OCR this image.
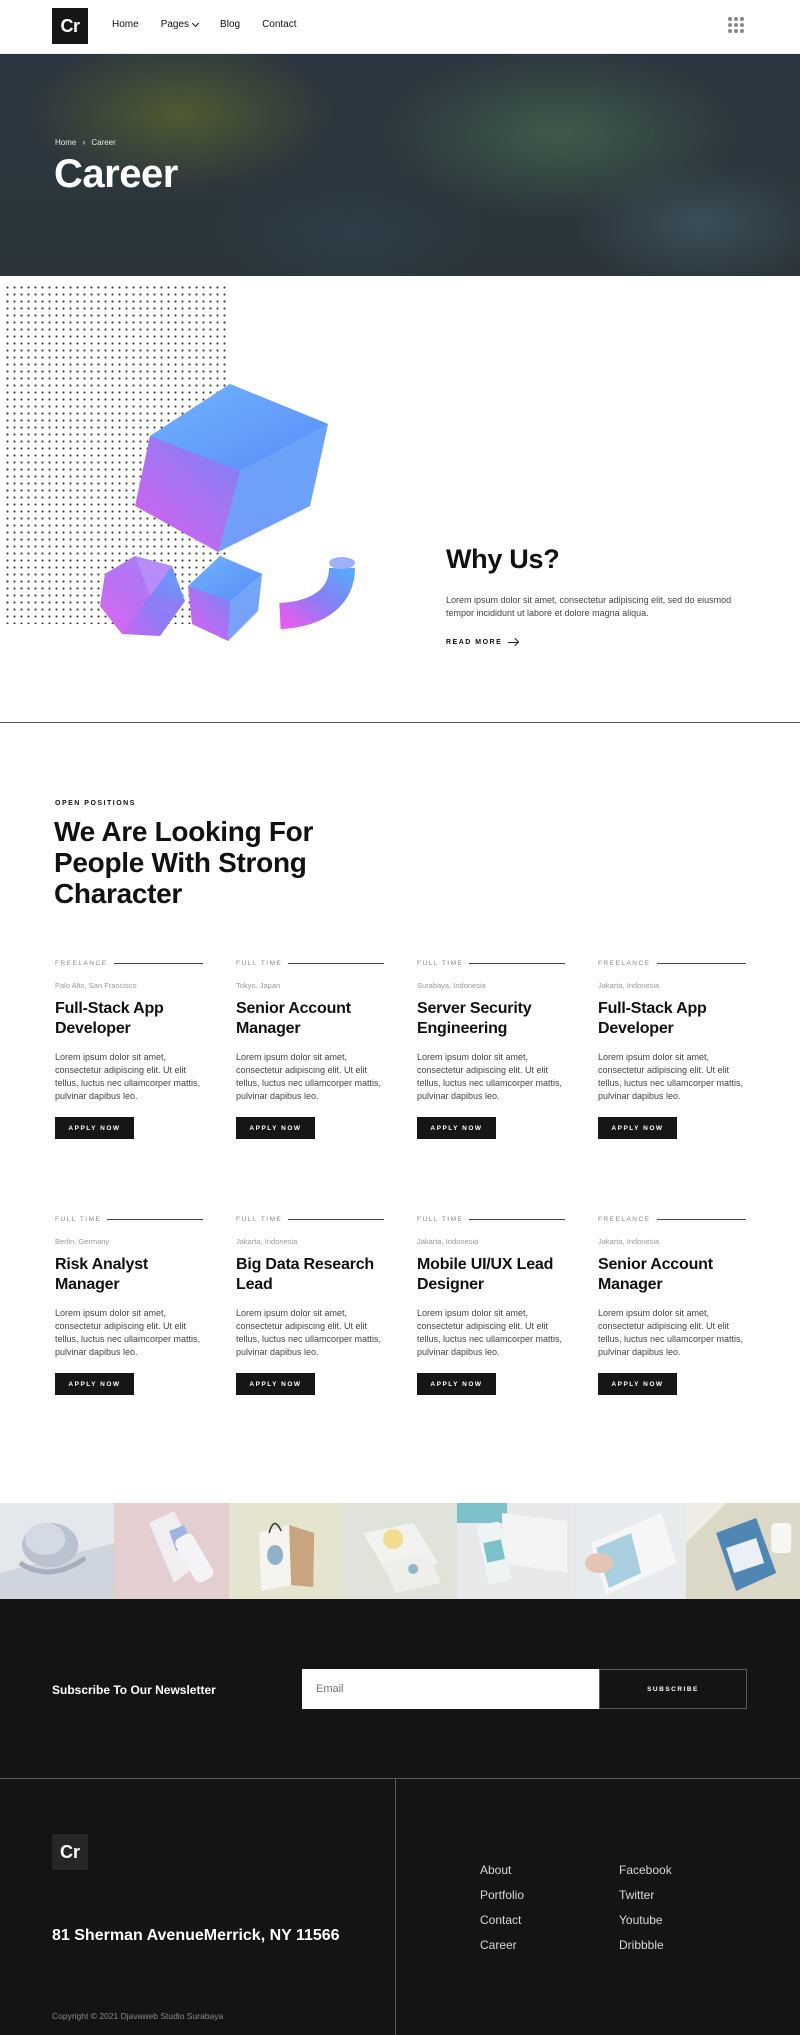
Cr	Home Pages	Blog Contact
Home › Career
Career
Why Us?

Lorem ipsum dolor sit amet, consectetur adipiscing elit, sed do eiusmod tempor incididunt ut labore et dolore magna aliqua.

READ MORE
OPEN POSITIONS
We Are Looking For People With Strong Character
FREELANCE
Palo Alto, San Francisco
Full-Stack App Developer

Lorem ipsum dolor sit amet, consectetur adipiscing elit. Ut elit tellus, luctus nec ullamcorper mattis, pulvinar dapibus leo.

APPLY NOW
FULL TIME
Tokyo, Japan
Senior Account Manager

Lorem ipsum dolor sit amet, consectetur adipiscing elit. Ut elit tellus, luctus nec ullamcorper mattis, pulvinar dapibus leo.

APPLY NOW
FULL TIME
Surabaya, Indonesia
Server Security Engineering

Lorem ipsum dolor sit amet, consectetur adipiscing elit. Ut elit tellus, luctus nec ullamcorper mattis, pulvinar dapibus leo.

APPLY NOW
FREELANCE
Jakarta, Indonesia
Full-Stack App Developer

Lorem ipsum dolor sit amet, consectetur adipiscing elit. Ut elit tellus, luctus nec ullamcorper mattis, pulvinar dapibus leo.

APPLY NOW
FULL TIME
Berlin, Germany
Risk Analyst Manager

Lorem ipsum dolor sit amet, consectetur adipiscing elit. Ut elit tellus, luctus nec ullamcorper mattis, pulvinar dapibus leo.

APPLY NOW
FULL TIME
Jakarta, Indonesia
Big Data Research Lead

Lorem ipsum dolor sit amet, consectetur adipiscing elit. Ut elit tellus, luctus nec ullamcorper mattis, pulvinar dapibus leo.

APPLY NOW
FULL TIME
Jakarta, Indonesia
Mobile UI/UX Lead Designer

Lorem ipsum dolor sit amet, consectetur adipiscing elit. Ut elit tellus, luctus nec ullamcorper mattis, pulvinar dapibus leo.

APPLY NOW
FREELANCE
Jakarta, Indonesia
Senior Account Manager

Lorem ipsum dolor sit amet, consectetur adipiscing elit. Ut elit tellus, luctus nec ullamcorper mattis, pulvinar dapibus leo.

APPLY NOW
Subscribe To Our Newsletter
Email	SUBSCRIBE
Cr
81 Sherman AvenueMerrick, NY 11566
Copyright © 2021 Djavaweb Studio Surabaya
About
Portfolio
Contact
Career
Facebook
Twitter
Youtube
Dribbble
